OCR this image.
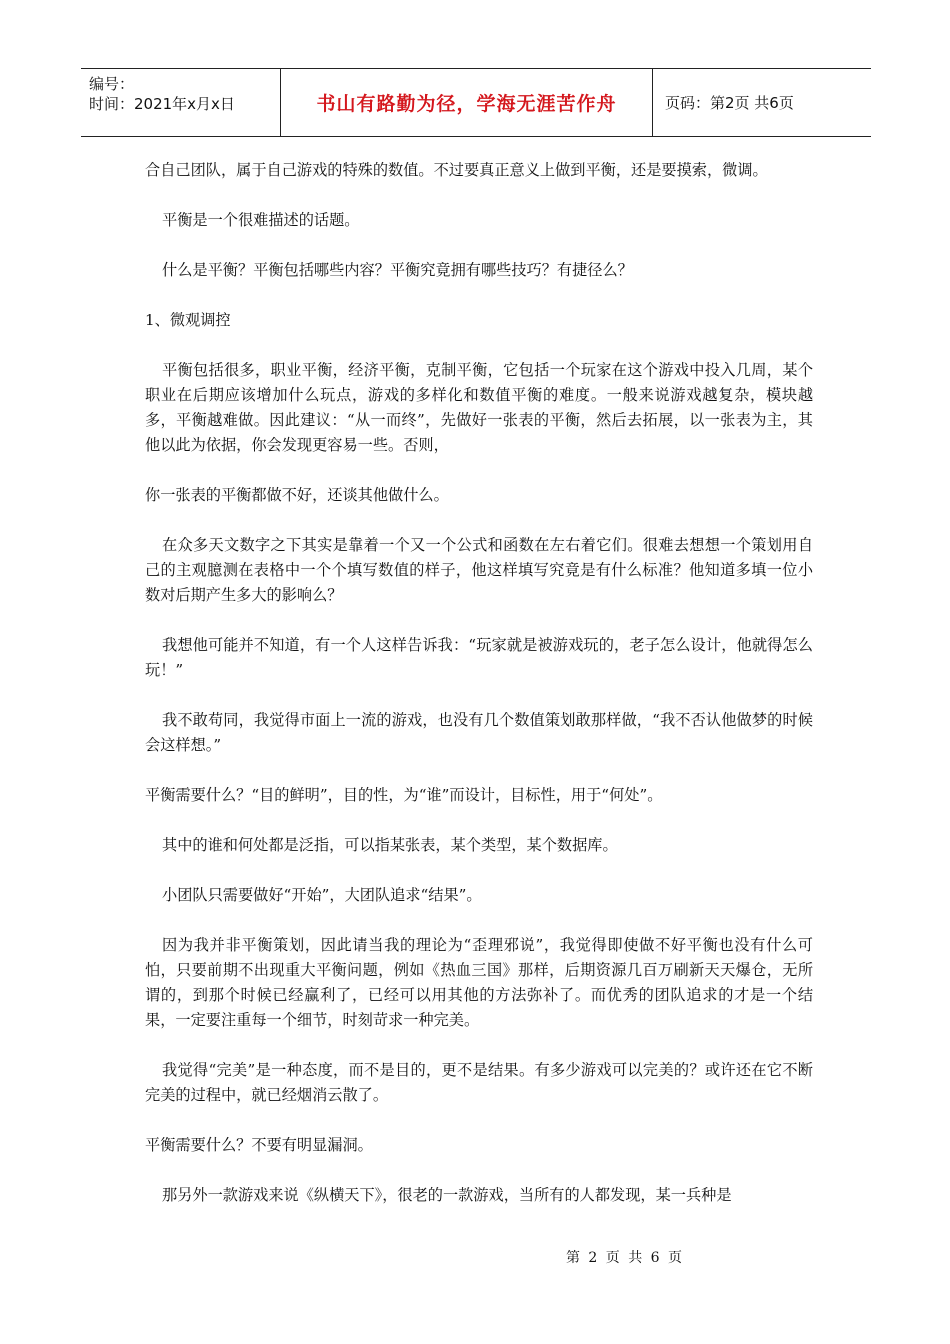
编号：
时间：2021年x月x日	书山有路勤为径，学海无涯苦作舟	页码：第2页 共6页

合自己团队，属于自己游戏的特殊的数值。不过要真正意义上做到平衡，还是要摸索，微调。

平衡是一个很难描述的话题。

什么是平衡？平衡包括哪些内容？平衡究竟拥有哪些技巧？有捷径么？

1、微观调控

平衡包括很多，职业平衡，经济平衡，克制平衡，它包括一个玩家在这个游戏中投入几周，某个职业在后期应该增加什么玩点，游戏的多样化和数值平衡的难度。一般来说游戏越复杂，模块越多，平衡越难做。因此建议：“从一而终”，先做好一张表的平衡，然后去拓展，以一张表为主，其他以此为依据，你会发现更容易一些。否则，

你一张表的平衡都做不好，还谈其他做什么。

在众多天文数字之下其实是靠着一个又一个公式和函数在左右着它们。很难去想想一个策划用自己的主观臆测在表格中一个个填写数值的样子，他这样填写究竟是有什么标准？他知道多填一位小数对后期产生多大的影响么？

我想他可能并不知道，有一个人这样告诉我：“玩家就是被游戏玩的，老子怎么设计，他就得怎么玩！”

我不敢苟同，我觉得市面上一流的游戏，也没有几个数值策划敢那样做，“我不否认他做梦的时候会这样想。”

平衡需要什么？“目的鲜明”，目的性，为“谁”而设计，目标性，用于“何处”。

其中的谁和何处都是泛指，可以指某张表，某个类型，某个数据库。

小团队只需要做好“开始”，大团队追求“结果”。

因为我并非平衡策划，因此请当我的理论为“歪理邪说”，我觉得即使做不好平衡也没有什么可怕，只要前期不出现重大平衡问题，例如《热血三国》那样，后期资源几百万刷新天天爆仓，无所谓的，到那个时候已经赢利了，已经可以用其他的方法弥补了。而优秀的团队追求的才是一个结果，一定要注重每一个细节，时刻苛求一种完美。

我觉得“完美”是一种态度，而不是目的，更不是结果。有多少游戏可以完美的？或许还在它不断完美的过程中，就已经烟消云散了。

平衡需要什么？不要有明显漏洞。

那另外一款游戏来说《纵横天下》，很老的一款游戏，当所有的人都发现，某一兵种是

第 2 页 共 6 页
